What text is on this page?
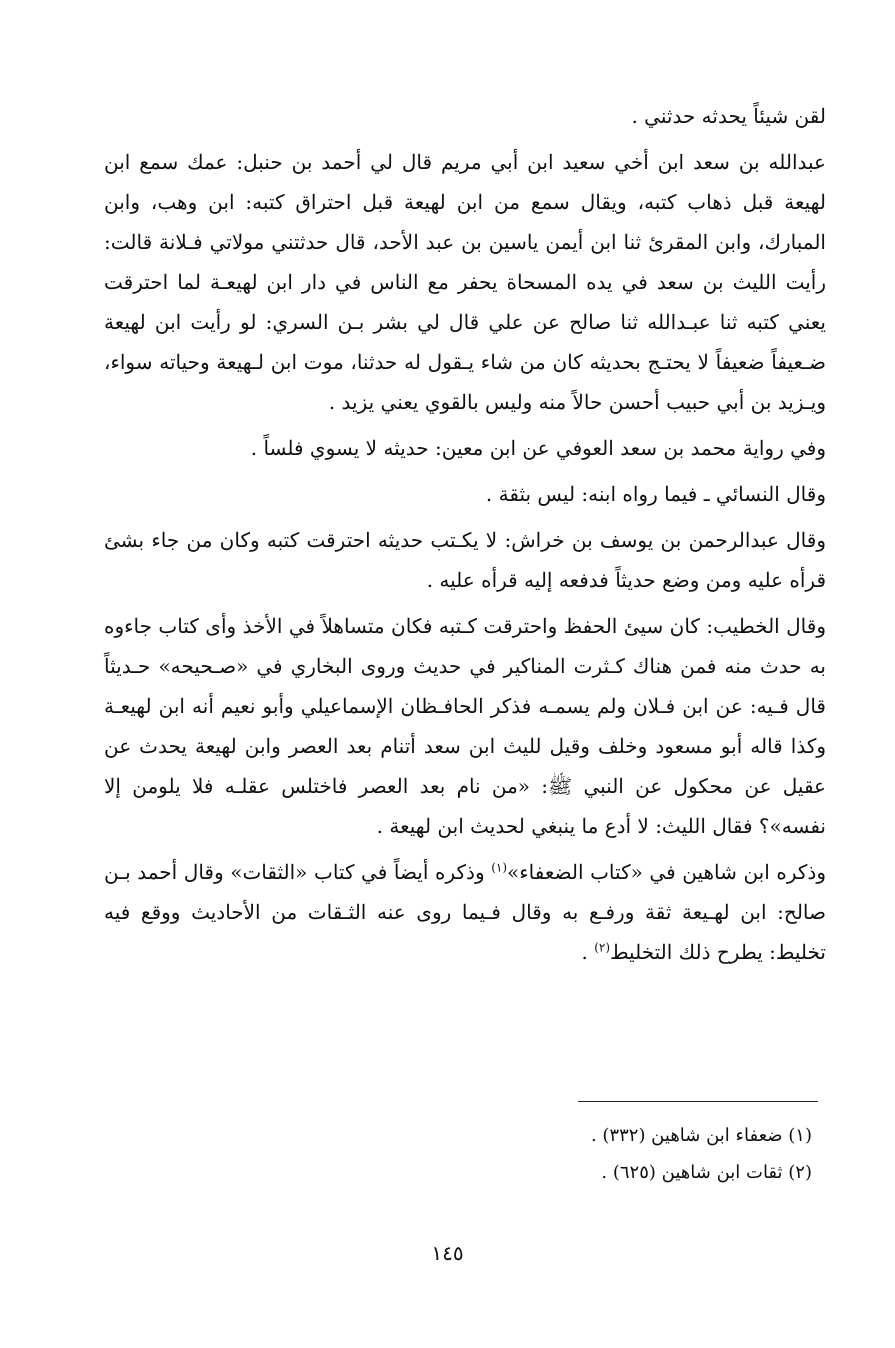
لقن شيئاً يحدثه حدثني .

عبدالله بن سعد ابن أخي سعيد ابن أبي مريم قال لي أحمد بن حنبل: عمك سمع ابن لهيعة قبل ذهاب كتبه، ويقال سمع من ابن لهيعة قبل احتراق كتبه: ابن وهب، وابن المبارك، وابن المقرئ ثنا ابن أيمن ياسين بن عبد الأحد، قال حدثتني مولاتي فـلانة قالت: رأيت الليث بن سعد في يده المسحاة يحفر مع الناس في دار ابن لهيعـة لما احترقت يعني كتبه ثنا عبـدالله ثنا صالح عن علي قال لي بشر بـن السري: لو رأيت ابن لهيعة ضـعيفاً ضعيفاً لا يحتـج بحديثه كان من شاء يـقول له حدثنا، موت ابن لـهيعة وحياته سواء، ويـزيد بن أبي حبيب أحسن حالاً منه وليس بالقوي يعني يزيد .

وفي رواية محمد بن سعد العوفي عن ابن معين: حديثه لا يسوي فلساً .

وقال النسائي ـ فيما رواه ابنه: ليس بثقة .

وقال عبدالرحمن بن يوسف بن خراش: لا يكـتب حديثه احترقت كتبه وكان من جاء بشئ قرأه عليه ومن وضع حديثاً فدفعه إليه قرأه عليه .

وقال الخطيب: كان سيئ الحفظ واحترقت كـتبه فكان متساهلاً في الأخذ وأى كتاب جاءوه به حدث منه فمن هناك كـثرت المناكير في حديث وروى البخاري في «صـحيحه» حـديثاً قال فـيه: عن ابن فـلان ولم يسمـه فذكر الحافـظان الإسماعيلي وأبو نعيم أنه ابن لهيعـة وكذا قاله أبو مسعود وخلف وقيل لليث ابن سعد أتنام بعد العصر وابن لهيعة يحدث عن عقيل عن محكول عن النبي ﷺ: «من نام بعد العصر فاختلس عقلـه فلا يلومن إلا نفسه»؟ فقال الليث: لا أدع ما ينبغي لحديث ابن لهيعة .

وذكره ابن شاهين في «كتاب الضعفاء»$^{(١)}$ وذكره أيضاً في كتاب «الثقات» وقال أحمد بـن صالح: ابن لهـيعة ثقة ورفـع به وقال فـيما روى عنه الثـقات من الأحاديث ووقع فيه تخليط: يطرح ذلك التخليط$^{(٢)}$ .

(١) ضعفاء ابن شاهين (٣٣٢) .

(٢) ثقات ابن شاهين (٦٢٥) .

١٤٥
